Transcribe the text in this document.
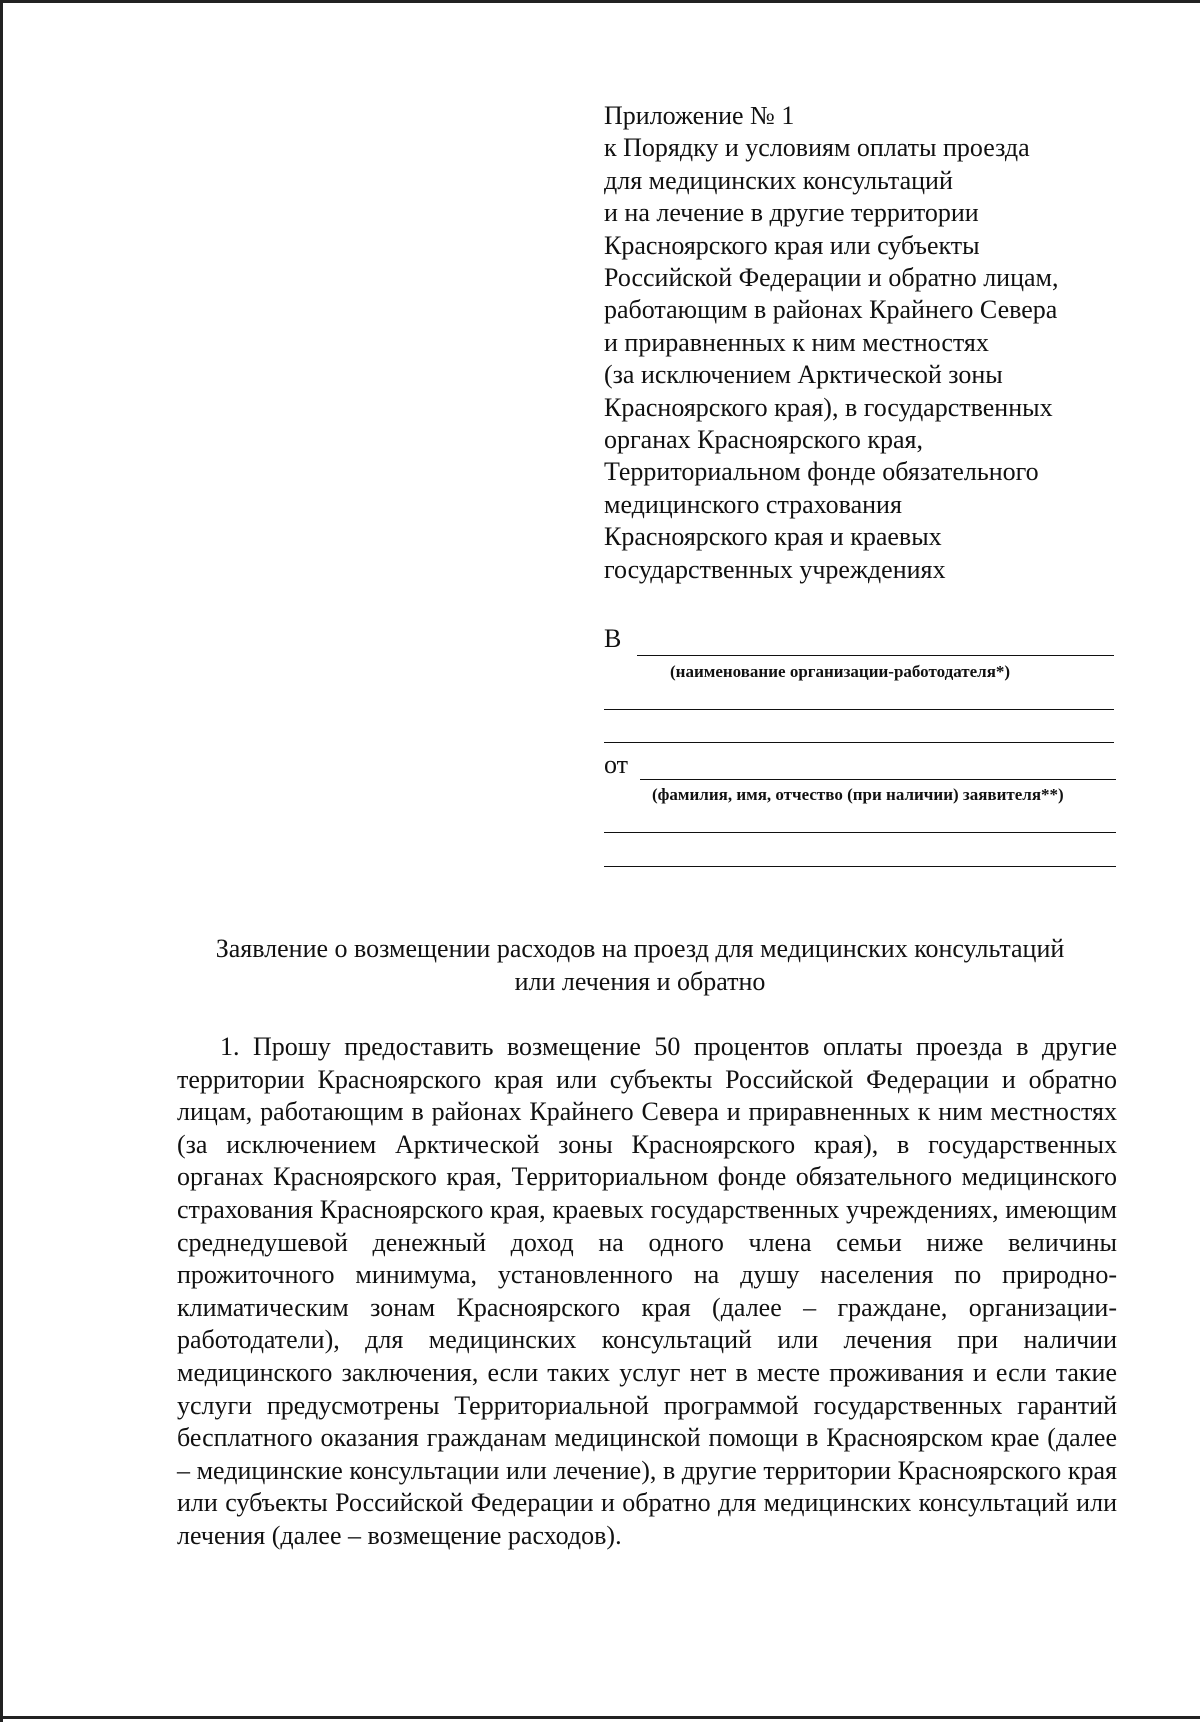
Приложение № 1
к Порядку и условиям оплаты проезда
для медицинских консультаций
и на лечение в другие территории
Красноярского края или субъекты
Российской Федерации и обратно лицам,
работающим в районах Крайнего Севера
и приравненных к ним местностях
(за исключением Арктической зоны
Красноярского края), в государственных
органах Красноярского края,
Территориальном фонде обязательного
медицинского страхования
Красноярского края и краевых
государственных учреждениях
В
(наименование организации-работодателя*)
от
(фамилия, имя, отчество (при наличии) заявителя**)
Заявление о возмещении расходов на проезд для медицинских консультаций
или лечения и обратно
1. Прошу предоставить возмещение 50 процентов оплаты проезда в другие территории Красноярского края или субъекты Российской Федерации и обратно лицам, работающим в районах Крайнего Севера и приравненных к ним местностях (за исключением Арктической зоны Красноярского края), в государственных органах Красноярского края, Территориальном фонде обязательного медицинского страхования Красноярского края, краевых государственных учреждениях, имеющим среднедушевой денежный доход на одного члена семьи ниже величины прожиточного минимума, установленного на душу населения по природно-климатическим зонам Красноярского края (далее – граждане, организации-работодатели), для медицинских консультаций или лечения при наличии медицинского заключения, если таких услуг нет в месте проживания и если такие услуги предусмотрены Территориальной программой государственных гарантий бесплатного оказания гражданам медицинской помощи в Красноярском крае (далее – медицинские консультации или лечение), в другие территории Красноярского края или субъекты Российской Федерации и обратно для медицинских консультаций или лечения (далее – возмещение расходов).
